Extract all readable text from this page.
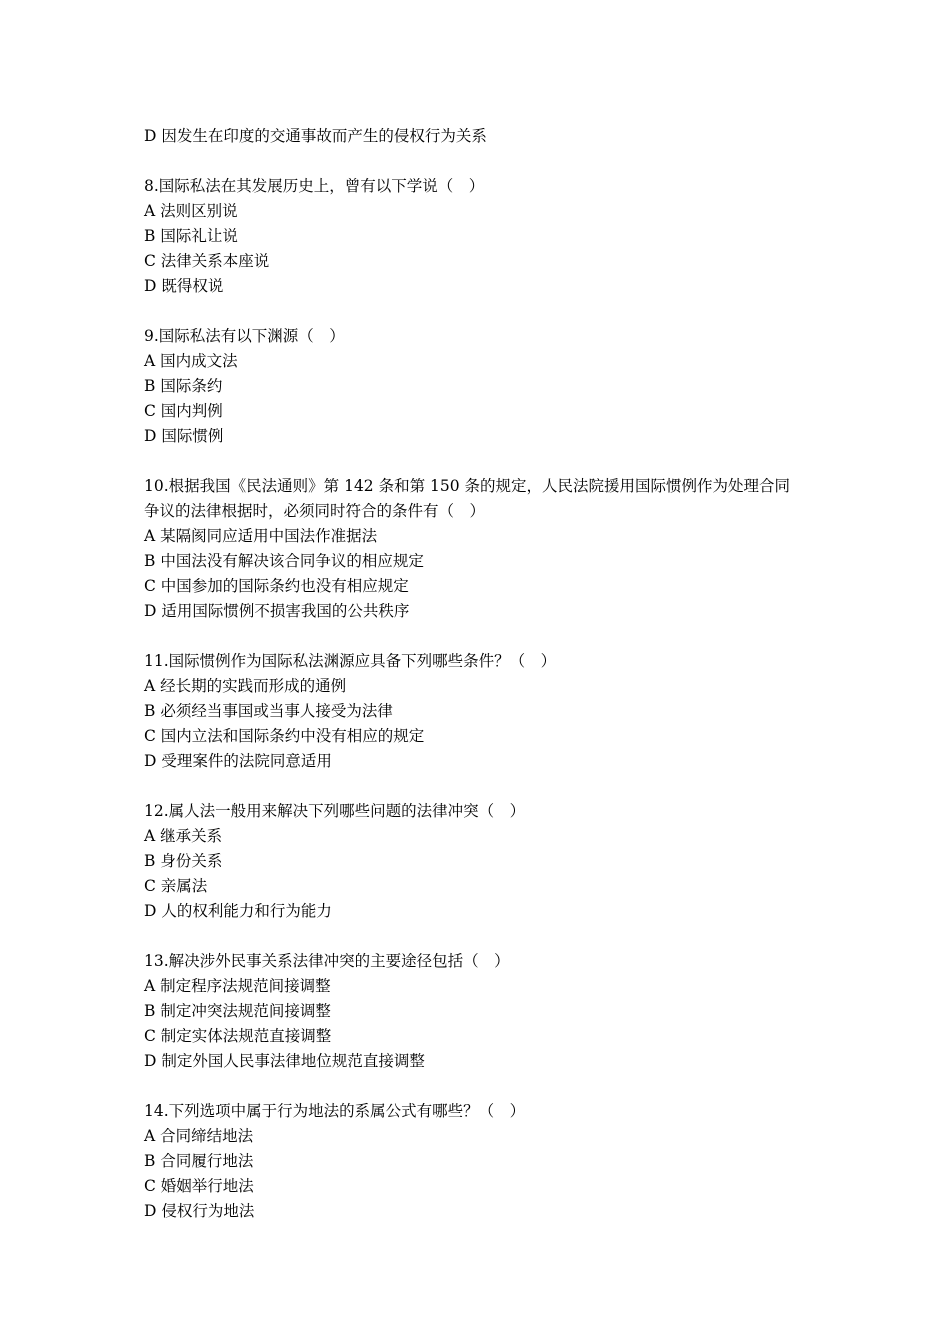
D 因发生在印度的交通事故而产生的侵权行为关系
8.国际私法在其发展历史上，曾有以下学说（　）
A 法则区别说
B 国际礼让说
C 法律关系本座说
D 既得权说
9.国际私法有以下渊源（　）
A 国内成文法
B 国际条约
C 国内判例
D 国际惯例
10.根据我国《民法通则》第 142 条和第 150 条的规定，人民法院援用国际惯例作为处理合同
争议的法律根据时，必须同时符合的条件有（　）
A 某隔阂同应适用中国法作准据法
B 中国法没有解决该合同争议的相应规定
C 中国参加的国际条约也没有相应规定
D 适用国际惯例不损害我国的公共秩序
11.国际惯例作为国际私法渊源应具备下列哪些条件？（　）
A 经长期的实践而形成的通例
B 必须经当事国或当事人接受为法律
C 国内立法和国际条约中没有相应的规定
D 受理案件的法院同意适用
12.属人法一般用来解决下列哪些问题的法律冲突（　）
A 继承关系
B 身份关系
C 亲属法
D 人的权利能力和行为能力
13.解决涉外民事关系法律冲突的主要途径包括（　）
A 制定程序法规范间接调整
B 制定冲突法规范间接调整
C 制定实体法规范直接调整
D 制定外国人民事法律地位规范直接调整
14.下列选项中属于行为地法的系属公式有哪些？（　）
A 合同缔结地法
B 合同履行地法
C 婚姻举行地法
D 侵权行为地法
